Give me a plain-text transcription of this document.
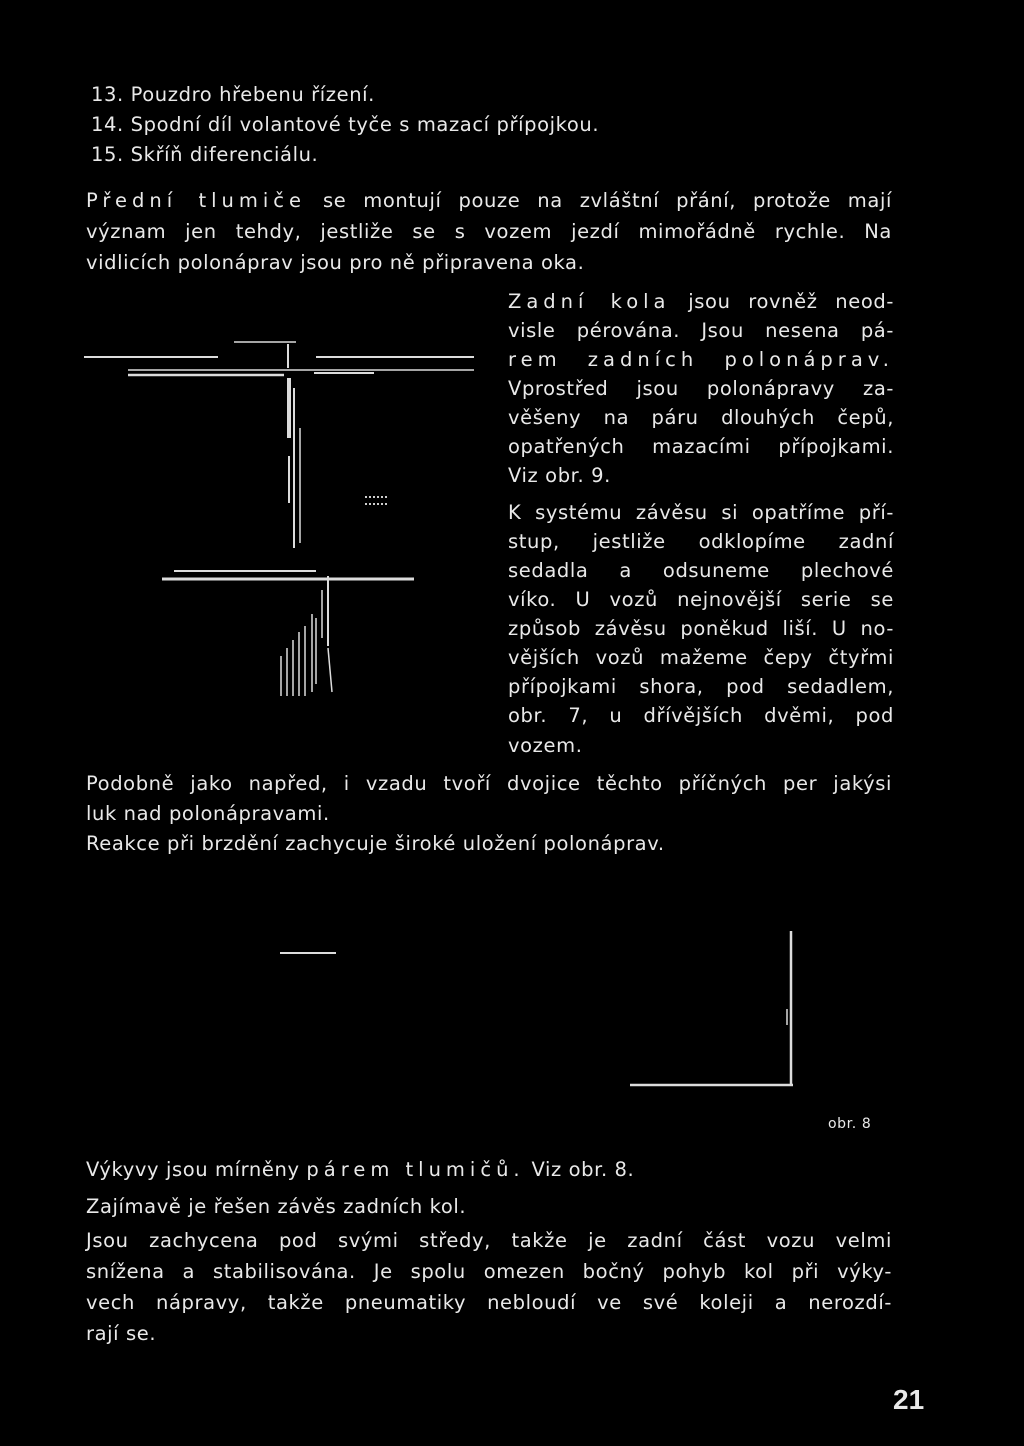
13. Pouzdro hřebenu řízení.
14. Spodní díl volantové tyče s mazací přípojkou.
15. Skříň diferenciálu.
Přední tlumiče se montují pouze na zvláštní přání, protože mají
význam jen tehdy, jestliže se s vozem jezdí mimořádně rychle. Na
vidlicích polonáprav jsou pro ně připravena oka.
Zadní kola jsou rovněž neod-
visle pérována. Jsou nesena pá-
rem zadních polonáprav.
Vprostřed jsou polonápravy za-
věšeny na páru dlouhých čepů,
opatřených mazacími přípojkami.
Viz obr. 9.
K systému závěsu si opatříme pří-
stup, jestliže odklopíme zadní
sedadla a odsuneme plechové
víko. U vozů nejnovější serie se
způsob závěsu poněkud liší. U no-
vějších vozů mažeme čepy čtyřmi
přípojkami shora, pod sedadlem,
obr. 7, u dřívějších dvěmi, pod
vozem.
Podobně jako napřed, i vzadu tvoří dvojice těchto příčných per jakýsi
luk nad polonápravami.
Reakce při brzdění zachycuje široké uložení polonáprav.
obr. 8
Výkyvy jsou mírněny párem tlumičů. Viz obr. 8.
Zajímavě je řešen závěs zadních kol.
Jsou zachycena pod svými středy, takže je zadní část vozu velmi
snížena a stabilisována. Je spolu omezen bočný pohyb kol při výky-
vech nápravy, takže pneumatiky nebloudí ve své koleji a nerozdí-
rají se.
21
